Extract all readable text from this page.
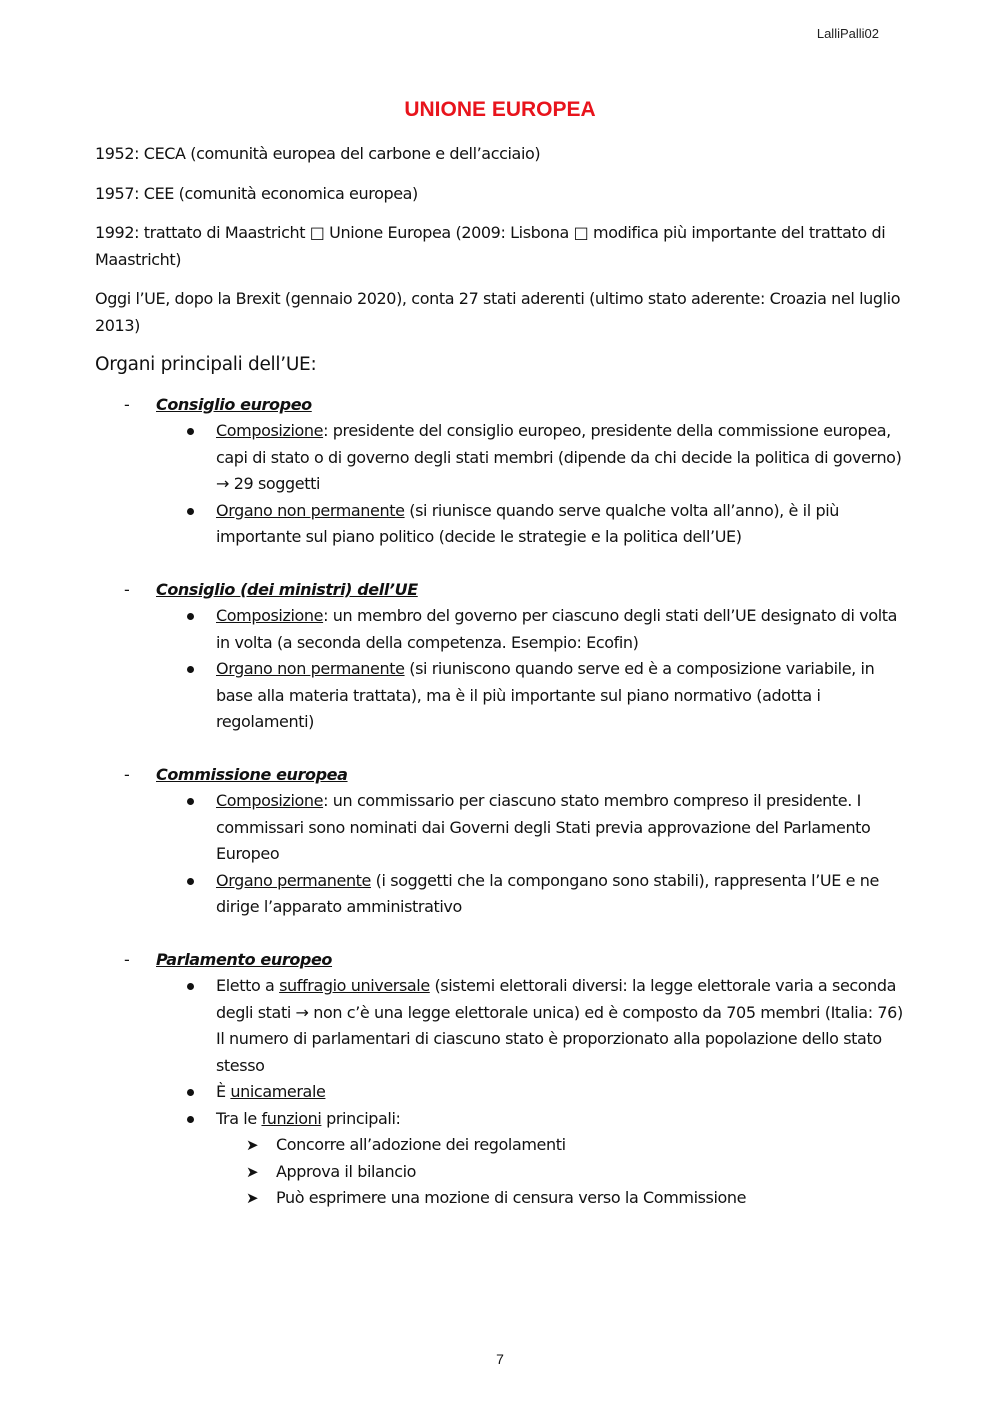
LalliPalli02
UNIONE EUROPEA

1952: CECA (comunità europea del carbone e dell’acciaio)

1957: CEE (comunità economica europea)

1992: trattato di Maastricht □ Unione Europea (2009: Lisbona □ modifica più importante del trattato di Maastricht)

Oggi l’UE, dopo la Brexit (gennaio 2020), conta 27 stati aderenti (ultimo stato aderente: Croazia nel luglio 2013)

Organi principali dell’UE:

-	Consiglio europeo
Composizione: presidente del consiglio europeo, presidente della commissione europea, capi di stato o di governo degli stati membri (dipende da chi decide la politica di governo) → 29 soggetti
Organo non permanente (si riunisce quando serve qualche volta all’anno), è il più importante sul piano politico (decide le strategie e la politica dell’UE)
-	Consiglio (dei ministri) dell’UE
Composizione: un membro del governo per ciascuno degli stati dell’UE designato di volta in volta (a seconda della competenza. Esempio: Ecofin)
Organo non permanente (si riuniscono quando serve ed è a composizione variabile, in base alla materia trattata), ma è il più importante sul piano normativo (adotta i regolamenti)
-	Commissione europea
Composizione: un commissario per ciascuno stato membro compreso il presidente. I commissari sono nominati dai Governi degli Stati previa approvazione del Parlamento Europeo
Organo permanente (i soggetti che la compongano sono stabili), rappresenta l’UE e ne dirige l’apparato amministrativo
-	Parlamento europeo
Eletto a suffragio universale (sistemi elettorali diversi: la legge elettorale varia a seconda degli stati → non c’è una legge elettorale unica) ed è composto da 705 membri (Italia: 76) Il numero di parlamentari di ciascuno stato è proporzionato alla popolazione dello stato stesso
È unicamerale
Tra le funzioni principali:
➤ Concorre all’adozione dei regolamenti
➤ Approva il bilancio
➤ Può esprimere una mozione di censura verso la Commissione
7
